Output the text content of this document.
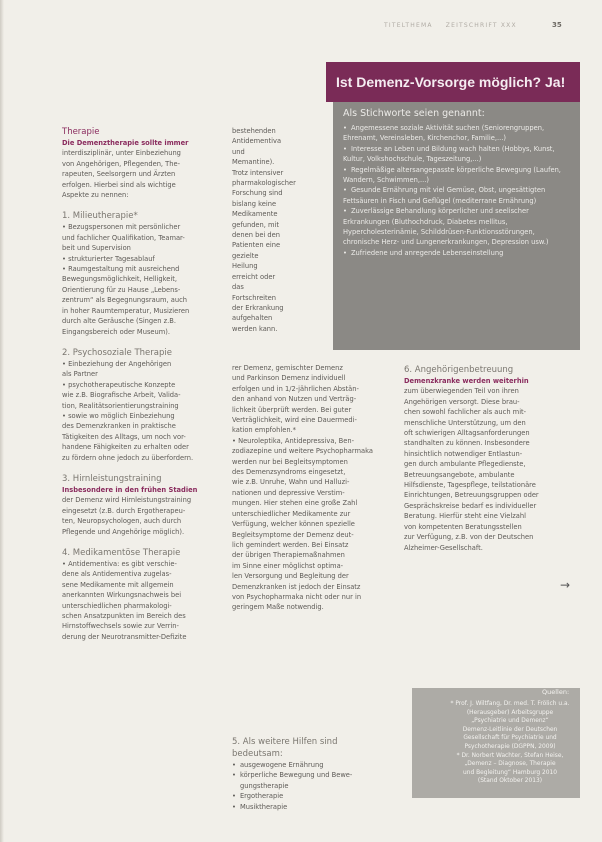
TITELTHEMA ZEITSCHRIFT XXX	35
Ist Demenz-Vorsorge möglich? Ja!
Als Stichworte seien genannt:
• Angemessene soziale Aktivität suchen (Seniorengruppen, Ehrenamt, Vereinsleben, Kirchenchor, Familie,...)
• Interesse an Leben und Bildung wach halten (Hobbys, Kunst, Kultur, Volkshochschule, Tageszeitung,...)
• Regelmäßige altersangepasste körperliche Bewegung (Laufen, Wandern, Schwimmen,...)
• Gesunde Ernährung mit viel Gemüse, Obst, ungesättigten Fettsäuren in Fisch und Geflügel (mediterrane Ernährung)
• Zuverlässige Behandlung körperlicher und seelischer Erkrankungen (Bluthochdruck, Diabetes mellitus, Hypercholesterinämie, Schilddrüsen-Funktionsstörungen, chronische Herz- und Lungenerkrankungen, Depression usw.)
• Zufriedene und anregende Lebenseinstellung
Therapie
Die Demenztherapie sollte immer
interdisziplinär, unter Einbeziehung
von Angehörigen, Pflegenden, The-
rapeuten, Seelsorgern und Ärzten
erfolgen. Hierbei sind als wichtige
Aspekte zu nennen:
1. Milieutherapie*
• Bezugspersonen mit persönlicher
und fachlicher Qualifikation, Teamar-
beit und Supervision
• strukturierter Tagesablauf
• Raumgestaltung mit ausreichend
Bewegungsmöglichkeit, Helligkeit,
Orientierung für zu Hause „Lebens-
zentrum“ als Begegnungsraum, auch
in hoher Raumtemperatur, Musizieren
durch alte Geräusche (Singen z.B.
Eingangsbereich oder Museum).
2. Psychosoziale Therapie
• Einbeziehung der Angehörigen
als Partner
• psychotherapeutische Konzepte
wie z.B. Biografische Arbeit, Valida-
tion, Realitätsorientierungstraining
• sowie wo möglich Einbeziehung
des Demenzkranken in praktische
Tätigkeiten des Alltags, um noch vor-
handene Fähigkeiten zu erhalten oder
zu fördern ohne jedoch zu überfordern.
3. Hirnleistungstraining
Insbesondere in den frühen Stadien
der Demenz wird Hirnleistungstraining
eingesetzt (z.B. durch Ergotherapeu-
ten, Neuropsychologen, auch durch
Pflegende und Angehörige möglich).
4. Medikamentöse Therapie
• Antidementiva: es gibt verschie-
dene als Antidementiva zugelas-
sene Medikamente mit allgemein
anerkannten Wirkungsnachweis bei
unterschiedlichen pharmakologi-
schen Ansatzpunkten im Bereich des
Hirnstoffwechsels sowie zur Verrin-
derung der Neurotransmitter-Defizite
bestehenden
Antidementiva
und Memantine).
Trotz intensiver
pharmakologischer
Forschung sind
bislang keine
Medikamente
gefunden, mit
denen bei den
Patienten eine
gezielte Heilung
erreicht oder das
Fortschreiten
der Erkrankung
aufgehalten
werden kann.
rer Demenz, gemischter Demenz
und Parkinson Demenz individuell
erfolgen und in 1/2-jährlichen Abstän-
den anhand von Nutzen und Verträg-
lichkeit überprüft werden. Bei guter
Verträglichkeit, wird eine Dauermedi-
kation empfohlen.*
• Neuroleptika, Antidepressiva, Ben-
zodiazepine und weitere Psychopharmaka
werden nur bei Begleitsymptomen
des Demenzsyndroms eingesetzt,
wie z.B. Unruhe, Wahn und Halluzi-
nationen und depressive Verstim-
mungen. Hier stehen eine große Zahl
unterschiedlicher Medikamente zur
Verfügung, welcher können spezielle
Begleitsymptome der Demenz deut-
lich gemindert werden. Bei Einsatz
der übrigen Therapiemaßnahmen
im Sinne einer möglichst optima-
len Versorgung und Begleitung der
Demenzkranken ist jedoch der Einsatz
von Psychopharmaka nicht oder nur in
geringem Maße notwendig.
6. Angehörigenbetreuung
Demenzkranke werden weiterhin
zum überwiegenden Teil von ihren
Angehörigen versorgt. Diese brau-
chen sowohl fachlicher als auch mit-
menschliche Unterstützung, um den
oft schwierigen Alltagsanforderungen
standhalten zu können. Insbesondere
hinsichtlich notwendiger Entlastun-
gen durch ambulante Pflegedienste,
Betreuungsangebote, ambulante
Hilfsdienste, Tagespflege, teilstationäre
Einrichtungen, Betreuungsgruppen oder
Gesprächskreise bedarf es individueller
Beratung. Hierfür steht eine Vielzahl
von kompetenten Beratungsstellen
zur Verfügung, z.B. von der Deutschen
Alzheimer-Gesellschaft.
→
5. Als weitere Hilfen sind
bedeutsam:
• ausgewogene Ernährung
• körperliche Bewegung und Bewe-
gungstherapie
• Ergotherapie
• Musiktherapie
Quellen:
* Prof. J. Wiltfang, Dr. med. T. Frölich u.a.
(Herausgeber) Arbeitsgruppe
„Psychiatrie und Demenz“
Demenz-Leitlinie der Deutschen
Gesellschaft für Psychiatrie und
Psychotherapie (DGPPN, 2009)
* Dr. Norbert Wachter, Stefan Heise,
„Demenz – Diagnose, Therapie
und Begleitung“ Hamburg 2010
(Stand Oktober 2013)
